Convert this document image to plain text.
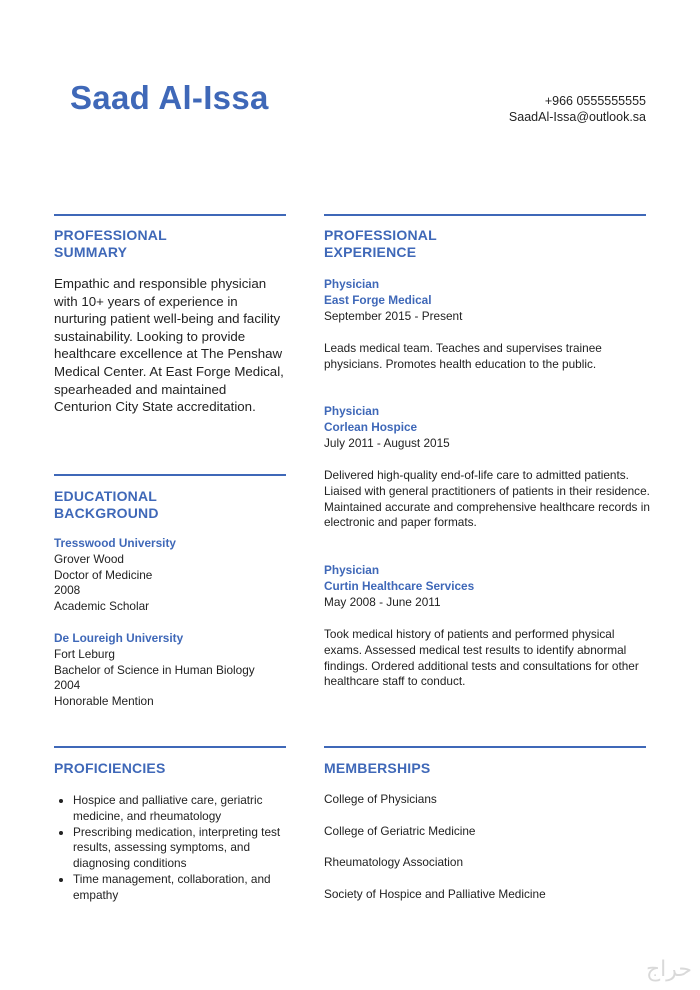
Saad Al-Issa	+966 0555555555
SaadAl-Issa@outlook.sa
PROFESSIONAL
SUMMARY
Empathic and responsible physician with 10+ years of experience in nurturing patient well-being and facility sustainability. Looking to provide healthcare excellence at The Penshaw Medical Center. At East Forge Medical, spearheaded and maintained Centurion City State accreditation.
EDUCATIONAL
BACKGROUND
Tresswood University
Grover Wood
Doctor of Medicine
2008
Academic Scholar
De Loureigh University
Fort Leburg
Bachelor of Science in Human Biology
2004
Honorable Mention
PROFESSIONAL
EXPERIENCE
Physician
East Forge Medical
September 2015 - Present
Leads medical team. Teaches and supervises trainee physicians. Promotes health education to the public.
Physician
Corlean Hospice
July 2011 - August 2015
Delivered high-quality end-of-life care to admitted patients. Liaised with general practitioners of patients in their residence. Maintained accurate and comprehensive healthcare records in electronic and paper formats.
Physician
Curtin Healthcare Services
May 2008 - June 2011
Took medical history of patients and performed physical exams. Assessed medical test results to identify abnormal findings. Ordered additional tests and consultations for other healthcare staff to conduct.
PROFICIENCIES
• Hospice and palliative care, geriatric medicine, and rheumatology
• Prescribing medication, interpreting test results, assessing symptoms, and diagnosing conditions
• Time management, collaboration, and empathy
MEMBERSHIPS
College of Physicians
College of Geriatric Medicine
Rheumatology Association
Society of Hospice and Palliative Medicine
حراج
